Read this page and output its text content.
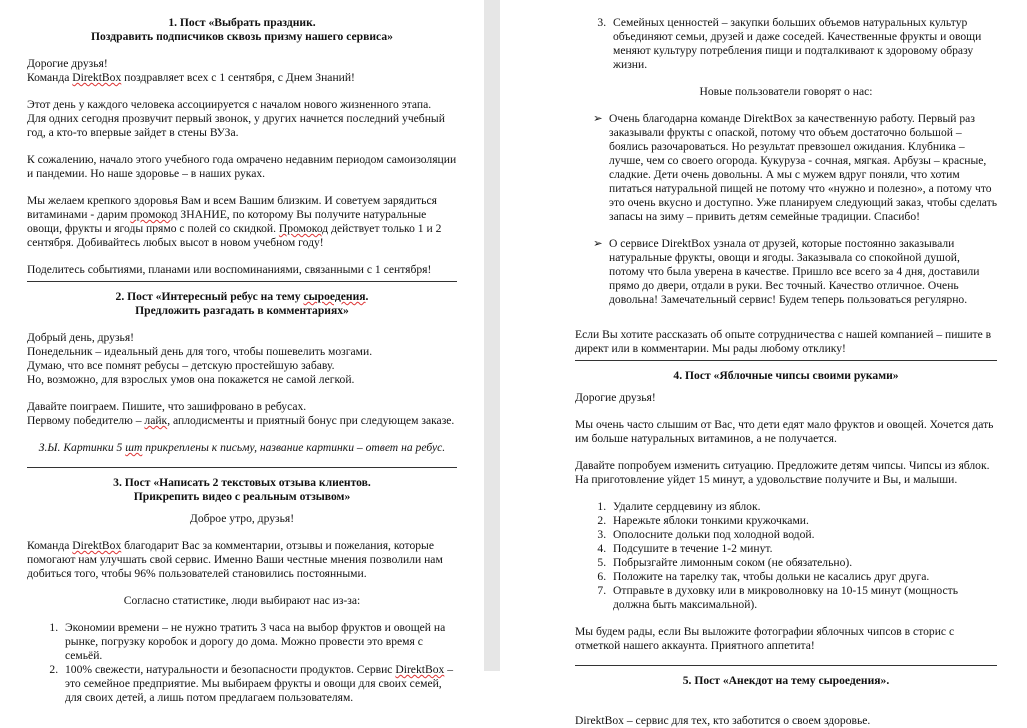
1. Пост «Выбрать праздник.

Поздравить подписчиков сквозь призму нашего сервиса»

Дорогие друзья!

Команда DirektBox поздравляет всех с 1 сентября, с Днем Знаний!

Этот день у каждого человека ассоциируется с началом нового жизненного этапа.

Для одних сегодня прозвучит первый звонок, у других начнется последний учебный год, а кто-то впервые зайдет в стены ВУЗа.

К сожалению, начало этого учебного года омрачено недавним периодом самоизоляции и пандемии. Но наше здоровье – в наших руках.

Мы желаем крепкого здоровья Вам и всем Вашим близким. И советуем зарядиться витаминами - дарим промокод ЗНАНИЕ, по которому Вы получите натуральные овощи, фрукты и ягоды прямо с полей со скидкой. Промокод действует только 1 и 2 сентября. Добивайтесь любых высот в новом учебном году!

Поделитесь событиями, планами или воспоминаниями, связанными с 1 сентября!

2. Пост «Интересный ребус на тему сыроедения.

Предложить разгадать в комментариях»

Добрый день, друзья!

Понедельник – идеальный день для того, чтобы пошевелить мозгами.

Думаю, что все помнят ребусы – детскую простейшую забаву.

Но, возможно, для взрослых умов она покажется не самой легкой.

Давайте поиграем. Пишите, что зашифровано в ребусах.

Первому победителю – лайк, аплодисменты и приятный бонус при следующем заказе.

З.Ы. Картинки 5 шт прикреплены к письму, название картинки – ответ на ребус.

3. Пост «Написать 2 текстовых отзыва клиентов.

Прикрепить видео с реальным отзывом»

Доброе утро, друзья!

Команда DirektBox благодарит Вас за комментарии, отзывы и пожелания, которые помогают нам улучшать свой сервис. Именно Ваши честные мнения позволили нам добиться того, чтобы 96% пользователей становились постоянными.

Согласно статистике, люди выбирают нас из-за:

1. Экономии времени – не нужно тратить 3 часа на выбор фруктов и овощей на рынке, погрузку коробок и дорогу до дома. Можно провести это время с семьёй.
2. 100% свежести, натуральности и безопасности продуктов. Сервис DirektBox – это семейное предприятие. Мы выбираем фрукты и овощи для своих семей, для своих детей, а лишь потом предлагаем пользователям.
3. Семейных ценностей – закупки больших объемов натуральных культур объединяют семьи, друзей и даже соседей. Качественные фрукты и овощи меняют культуру потребления пищи и подталкивают к здоровому образу жизни.

Новые пользователи говорят о нас:

➢ Очень благодарна команде DirektBox за качественную работу. Первый раз заказывали фрукты с опаской, потому что объем достаточно большой – боялись разочароваться. Но результат превзошел ожидания. Клубника – лучше, чем со своего огорода. Кукуруза - сочная, мягкая. Арбузы – красные, сладкие. Дети очень довольны. А мы с мужем вдруг поняли, что хотим питаться натуральной пищей не потому что «нужно и полезно», а потому что это очень вкусно и доступно. Уже планируем следующий заказ, чтобы сделать запасы на зиму – привить детям семейные традиции. Спасибо!
➢ О сервисе DirektBox узнала от друзей, которые постоянно заказывали натуральные фрукты, овощи и ягоды. Заказывала со спокойной душой, потому что была уверена в качестве. Пришло все всего за 4 дня, доставили прямо до двери, отдали в руки. Вес точный. Качество отличное. Очень довольна! Замечательный сервис! Будем теперь пользоваться регулярно.

Если Вы хотите рассказать об опыте сотрудничества с нашей компанией – пишите в директ или в комментарии. Мы рады любому отклику!

4. Пост «Яблочные чипсы своими руками»

Дорогие друзья!

Мы очень часто слышим от Вас, что дети едят мало фруктов и овощей. Хочется дать им больше натуральных витаминов, а не получается.

Давайте попробуем изменить ситуацию. Предложите детям чипсы. Чипсы из яблок.

На приготовление уйдет 15 минут, а удовольствие получите и Вы, и малыши.

1. Удалите сердцевину из яблок.
2. Нарежьте яблоки тонкими кружочками.
3. Ополосните дольки под холодной водой.
4. Подсушите в течение 1-2 минут.
5. Побрызгайте лимонным соком (не обязательно).
6. Положите на тарелку так, чтобы дольки не касались друг друга.
7. Отправьте в духовку или в микроволновку на 10-15 минут (мощность должна быть максимальной).

Мы будем рады, если Вы выложите фотографии яблочных чипсов в сторис с отметкой нашего аккаунта. Приятного аппетита!

5. Пост «Анекдот на тему сыроедения».

DirektBox – сервис для тех, кто заботится о своем здоровье.
